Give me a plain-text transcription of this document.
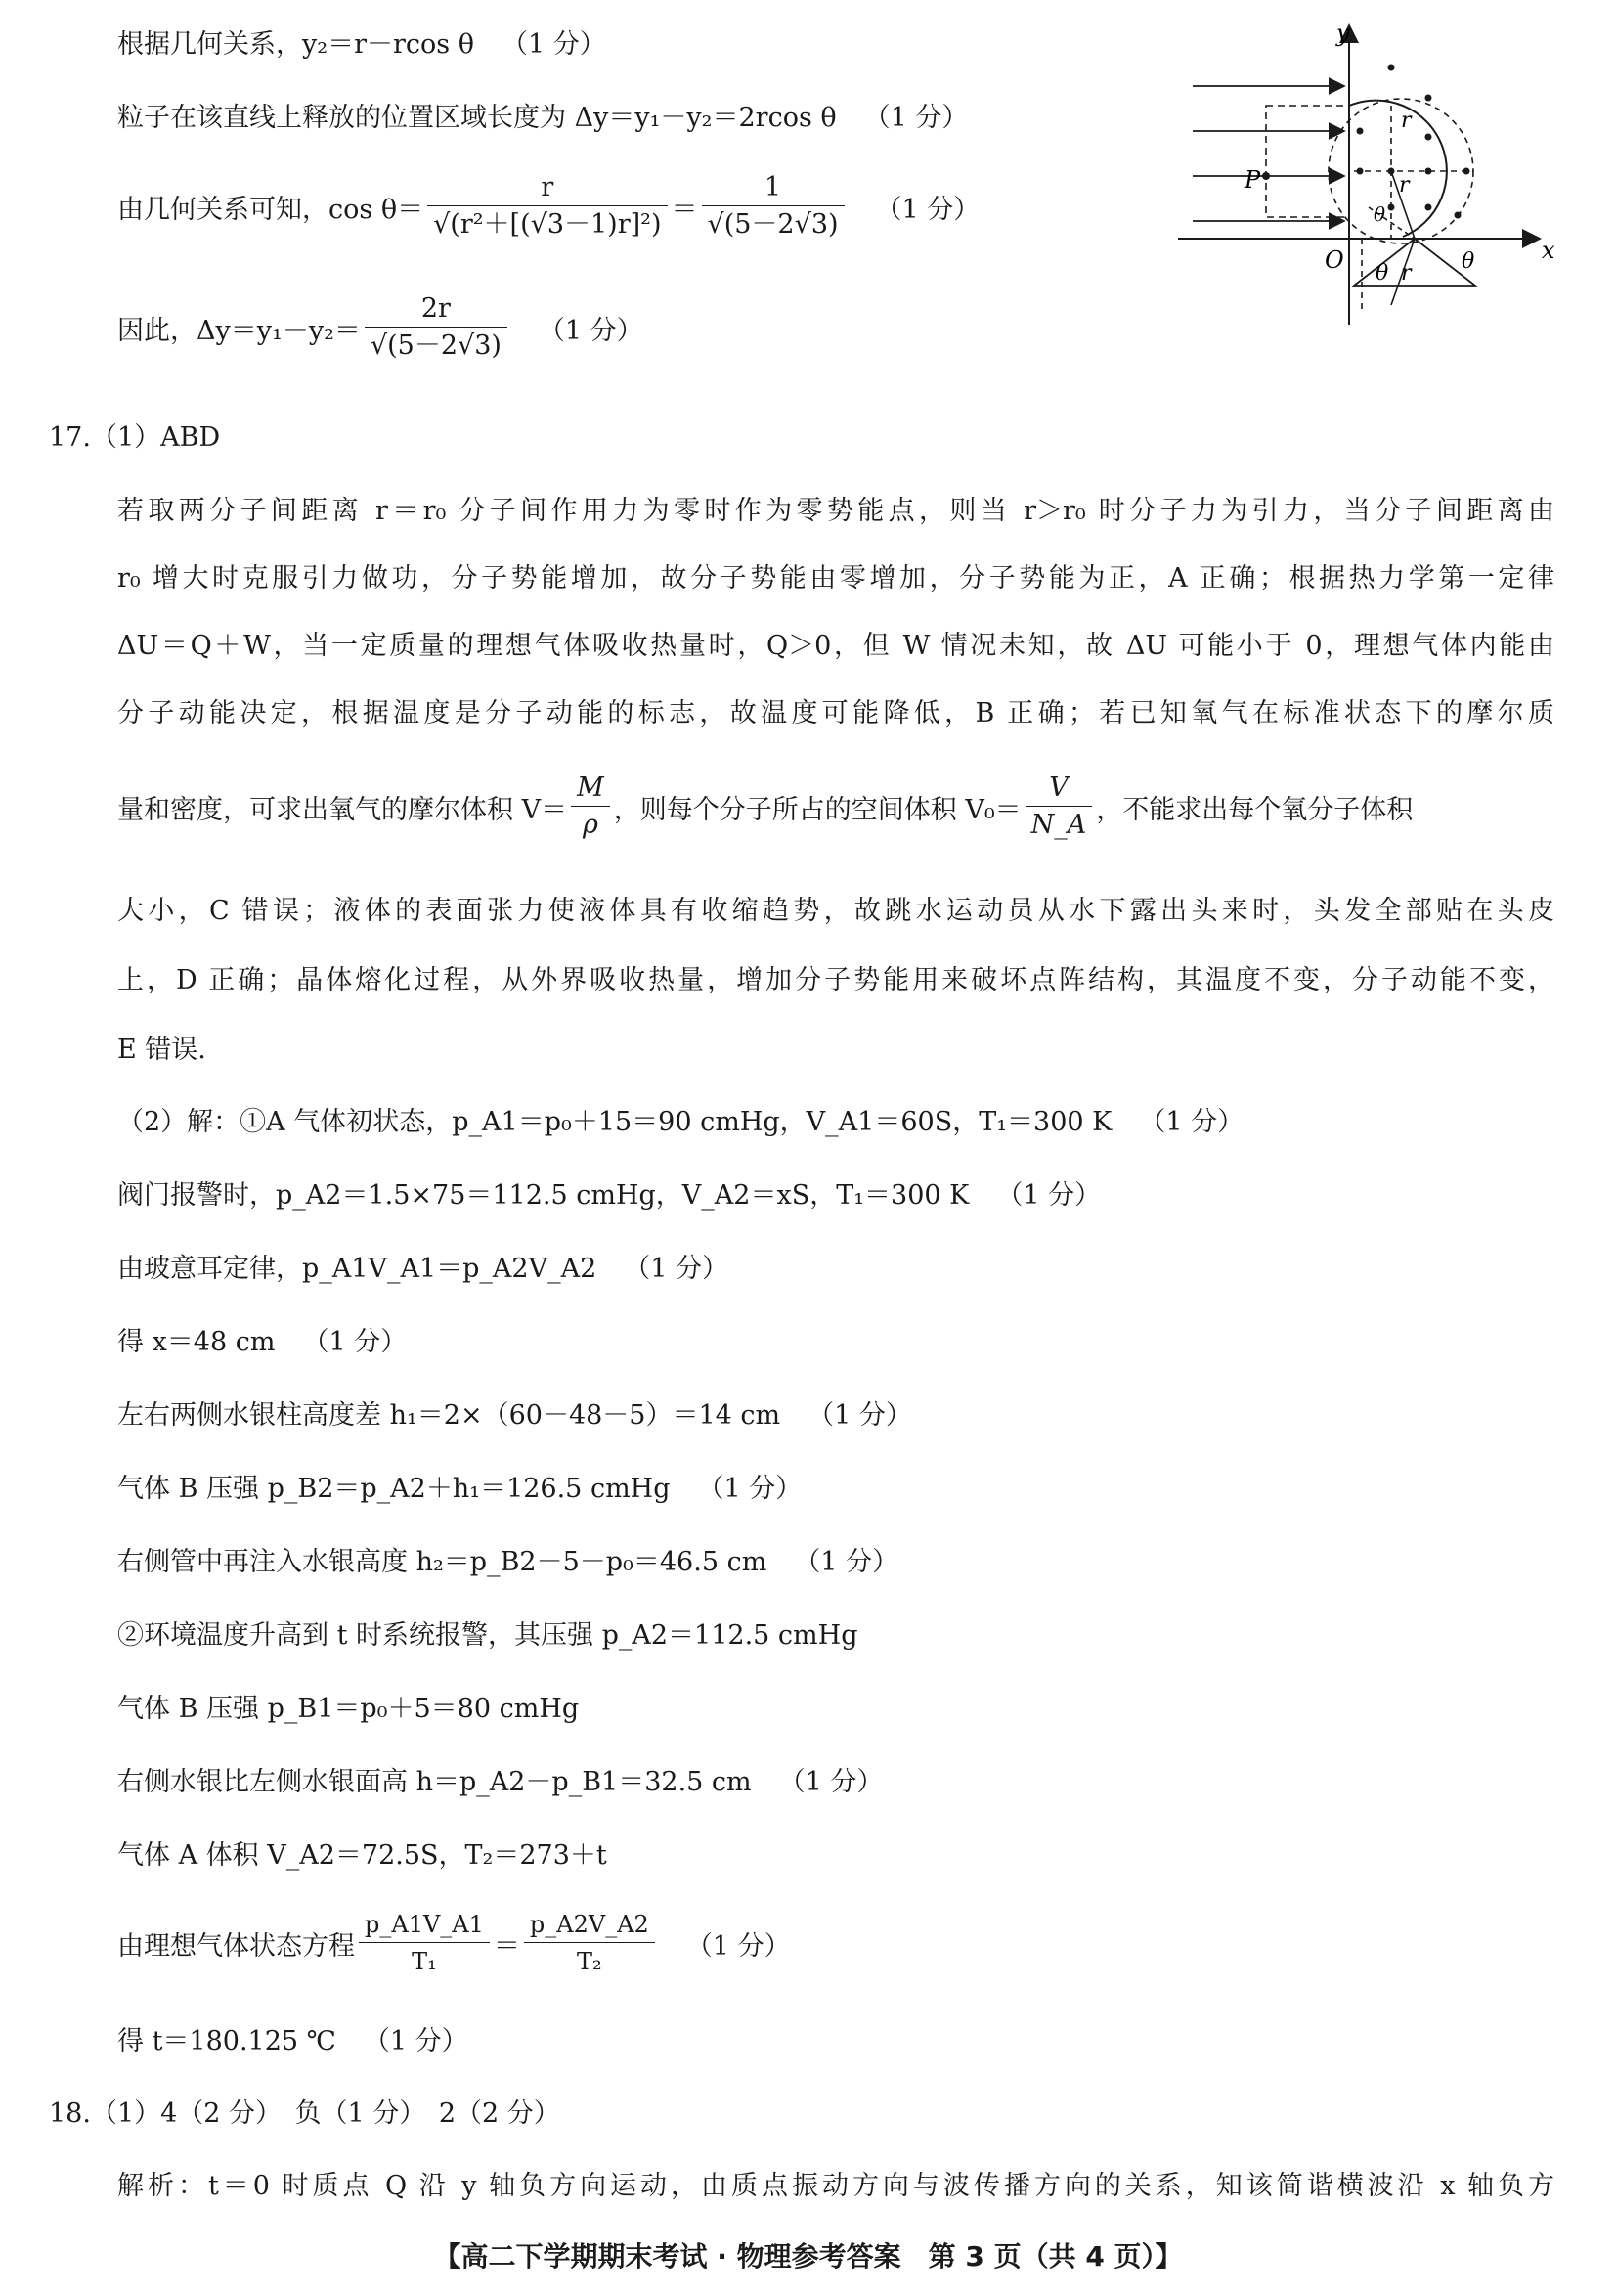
根据几何关系，y₂＝r－rcos θ （1 分）
粒子在该直线上释放的位置区域长度为 Δy＝y₁－y₂＝2rcos θ （1 分）
由几何关系可知，$\cos \theta= \frac{r}{\text{√(r²＋[(√3－1)r]²)}} = \frac{1}{√(5-2√3)} (1$ 分）
因此，$\Delta y=y_1-y_2= \frac{2r}{√(5-2√3)} (1$ 分）
y
x
O
P
r
r
r
θ
θ	θ
17.（1）ABD
若取两分子间距离 r＝r₀ 分子间作用力为零时作为零势能点，则当 r＞r₀ 时分子力为引力，当分子间距离由
r₀ 增大时克服引力做功，分子势能增加，故分子势能由零增加，分子势能为正，A 正确；根据热力学第一定律
ΔU＝Q＋W，当一定质量的理想气体吸收热量时，Q＞0，但 W 情况未知，故 ΔU 可能小于 0，理想气体内能由
分子动能决定，根据温度是分子动能的标志，故温度可能降低，B 正确；若已知氧气在标准状态下的摩尔质
量和密度，可求出氧气的摩尔体积 $V= \frac{M}{\rho}$ ，则每个分子所占的空间体积 $V_0= \frac{V}{N\_A}$ ，不能求出每个氧分子体积
大小，C 错误；液体的表面张力使液体具有收缩趋势，故跳水运动员从水下露出头来时，头发全部贴在头皮
上，D 正确；晶体熔化过程，从外界吸收热量，增加分子势能用来破坏点阵结构，其温度不变，分子动能不变，
E 错误.
（2）解：①A 气体初状态，p_A1＝p₀＋15＝90 cmHg，V_A1＝60S，T₁＝300 K （1 分）
阀门报警时，p_A2＝1.5×75＝112.5 cmHg，V_A2＝xS，T₁＝300 K （1 分）
由玻意耳定律，p_A1V_A1＝p_A2V_A2 （1 分）
得 x＝48 cm （1 分）
左右两侧水银柱高度差 h₁＝2×（60－48－5）＝14 cm （1 分）
气体 B 压强 p_B2＝p_A2＋h₁＝126.5 cmHg （1 分）
右侧管中再注入水银高度 h₂＝p_B2－5－p₀＝46.5 cm （1 分）
②环境温度升高到 t 时系统报警，其压强 p_A2＝112.5 cmHg
气体 B 压强 p_B1＝p₀＋5＝80 cmHg
右侧水银比左侧水银面高 h＝p_A2－p_B1＝32.5 cm （1 分）
气体 A 体积 V_A2＝72.5S，T₂＝273＋t
由理想气体状态方程 $\frac{p\_A1V\_A1}{\text{T₁}} = \frac{p\_A2V\_A2}{\text{T₂}} (1$ 分）
得 t＝180.125 ℃ （1 分）
18.（1）4（2 分）　负（1 分）　2（2 分）
解析：t＝0 时质点 Q 沿 y 轴负方向运动，由质点振动方向与波传播方向的关系，知该简谐横波沿 x 轴负方
【高二下学期期末考试 · 物理参考答案　第 3 页（共 4 页）】
